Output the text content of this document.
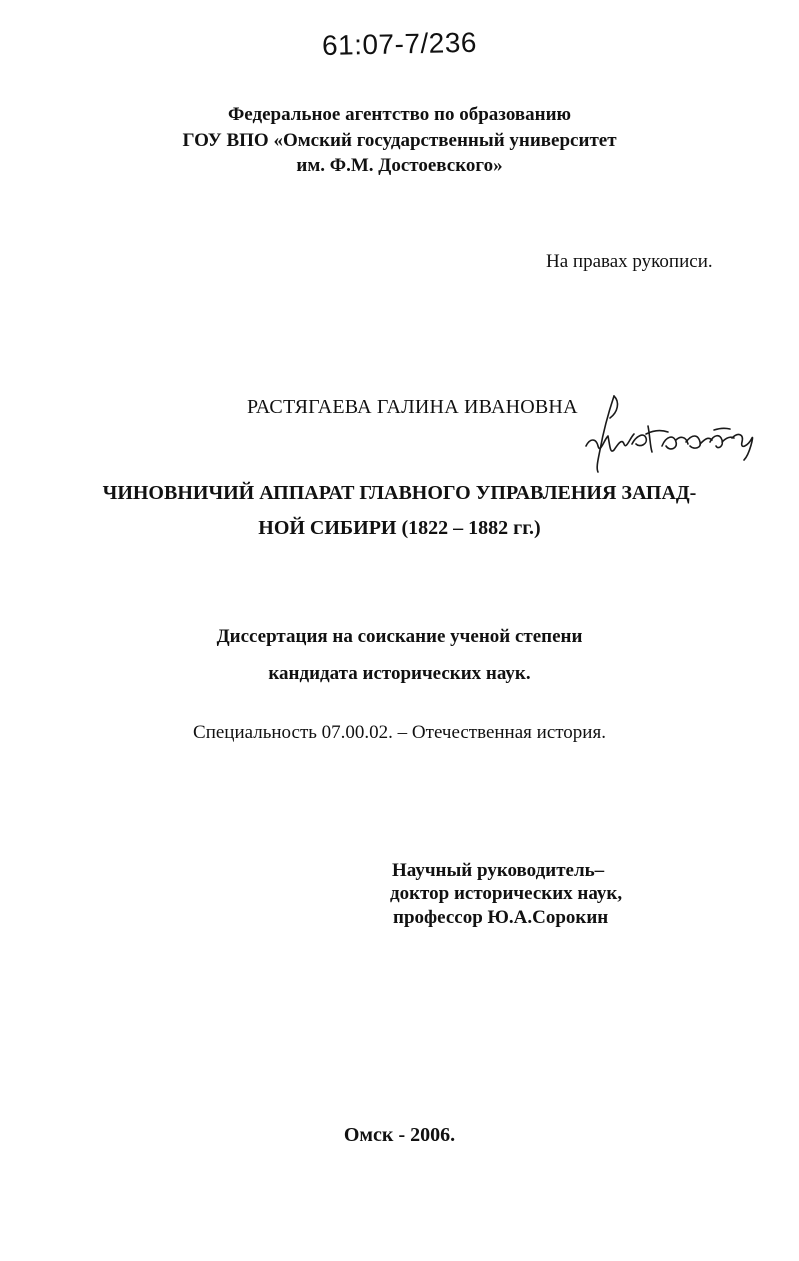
61:07-7/236
Федеральное агентство по образованию
ГОУ ВПО «Омский государственный университет
им. Ф.М. Достоевского»
На правах рукописи.
РАСТЯГАЕВА ГАЛИНА ИВАНОВНА
ЧИНОВНИЧИЙ АППАРАТ ГЛАВНОГО УПРАВЛЕНИЯ ЗАПАД-
НОЙ СИБИРИ (1822 – 1882 гг.)
Диссертация на соискание ученой степени
кандидата исторических наук.
Специальность 07.00.02. – Отечественная история.
Научный руководитель–
доктор исторических наук,
профессор Ю.А.Сорокин
Омск - 2006.
